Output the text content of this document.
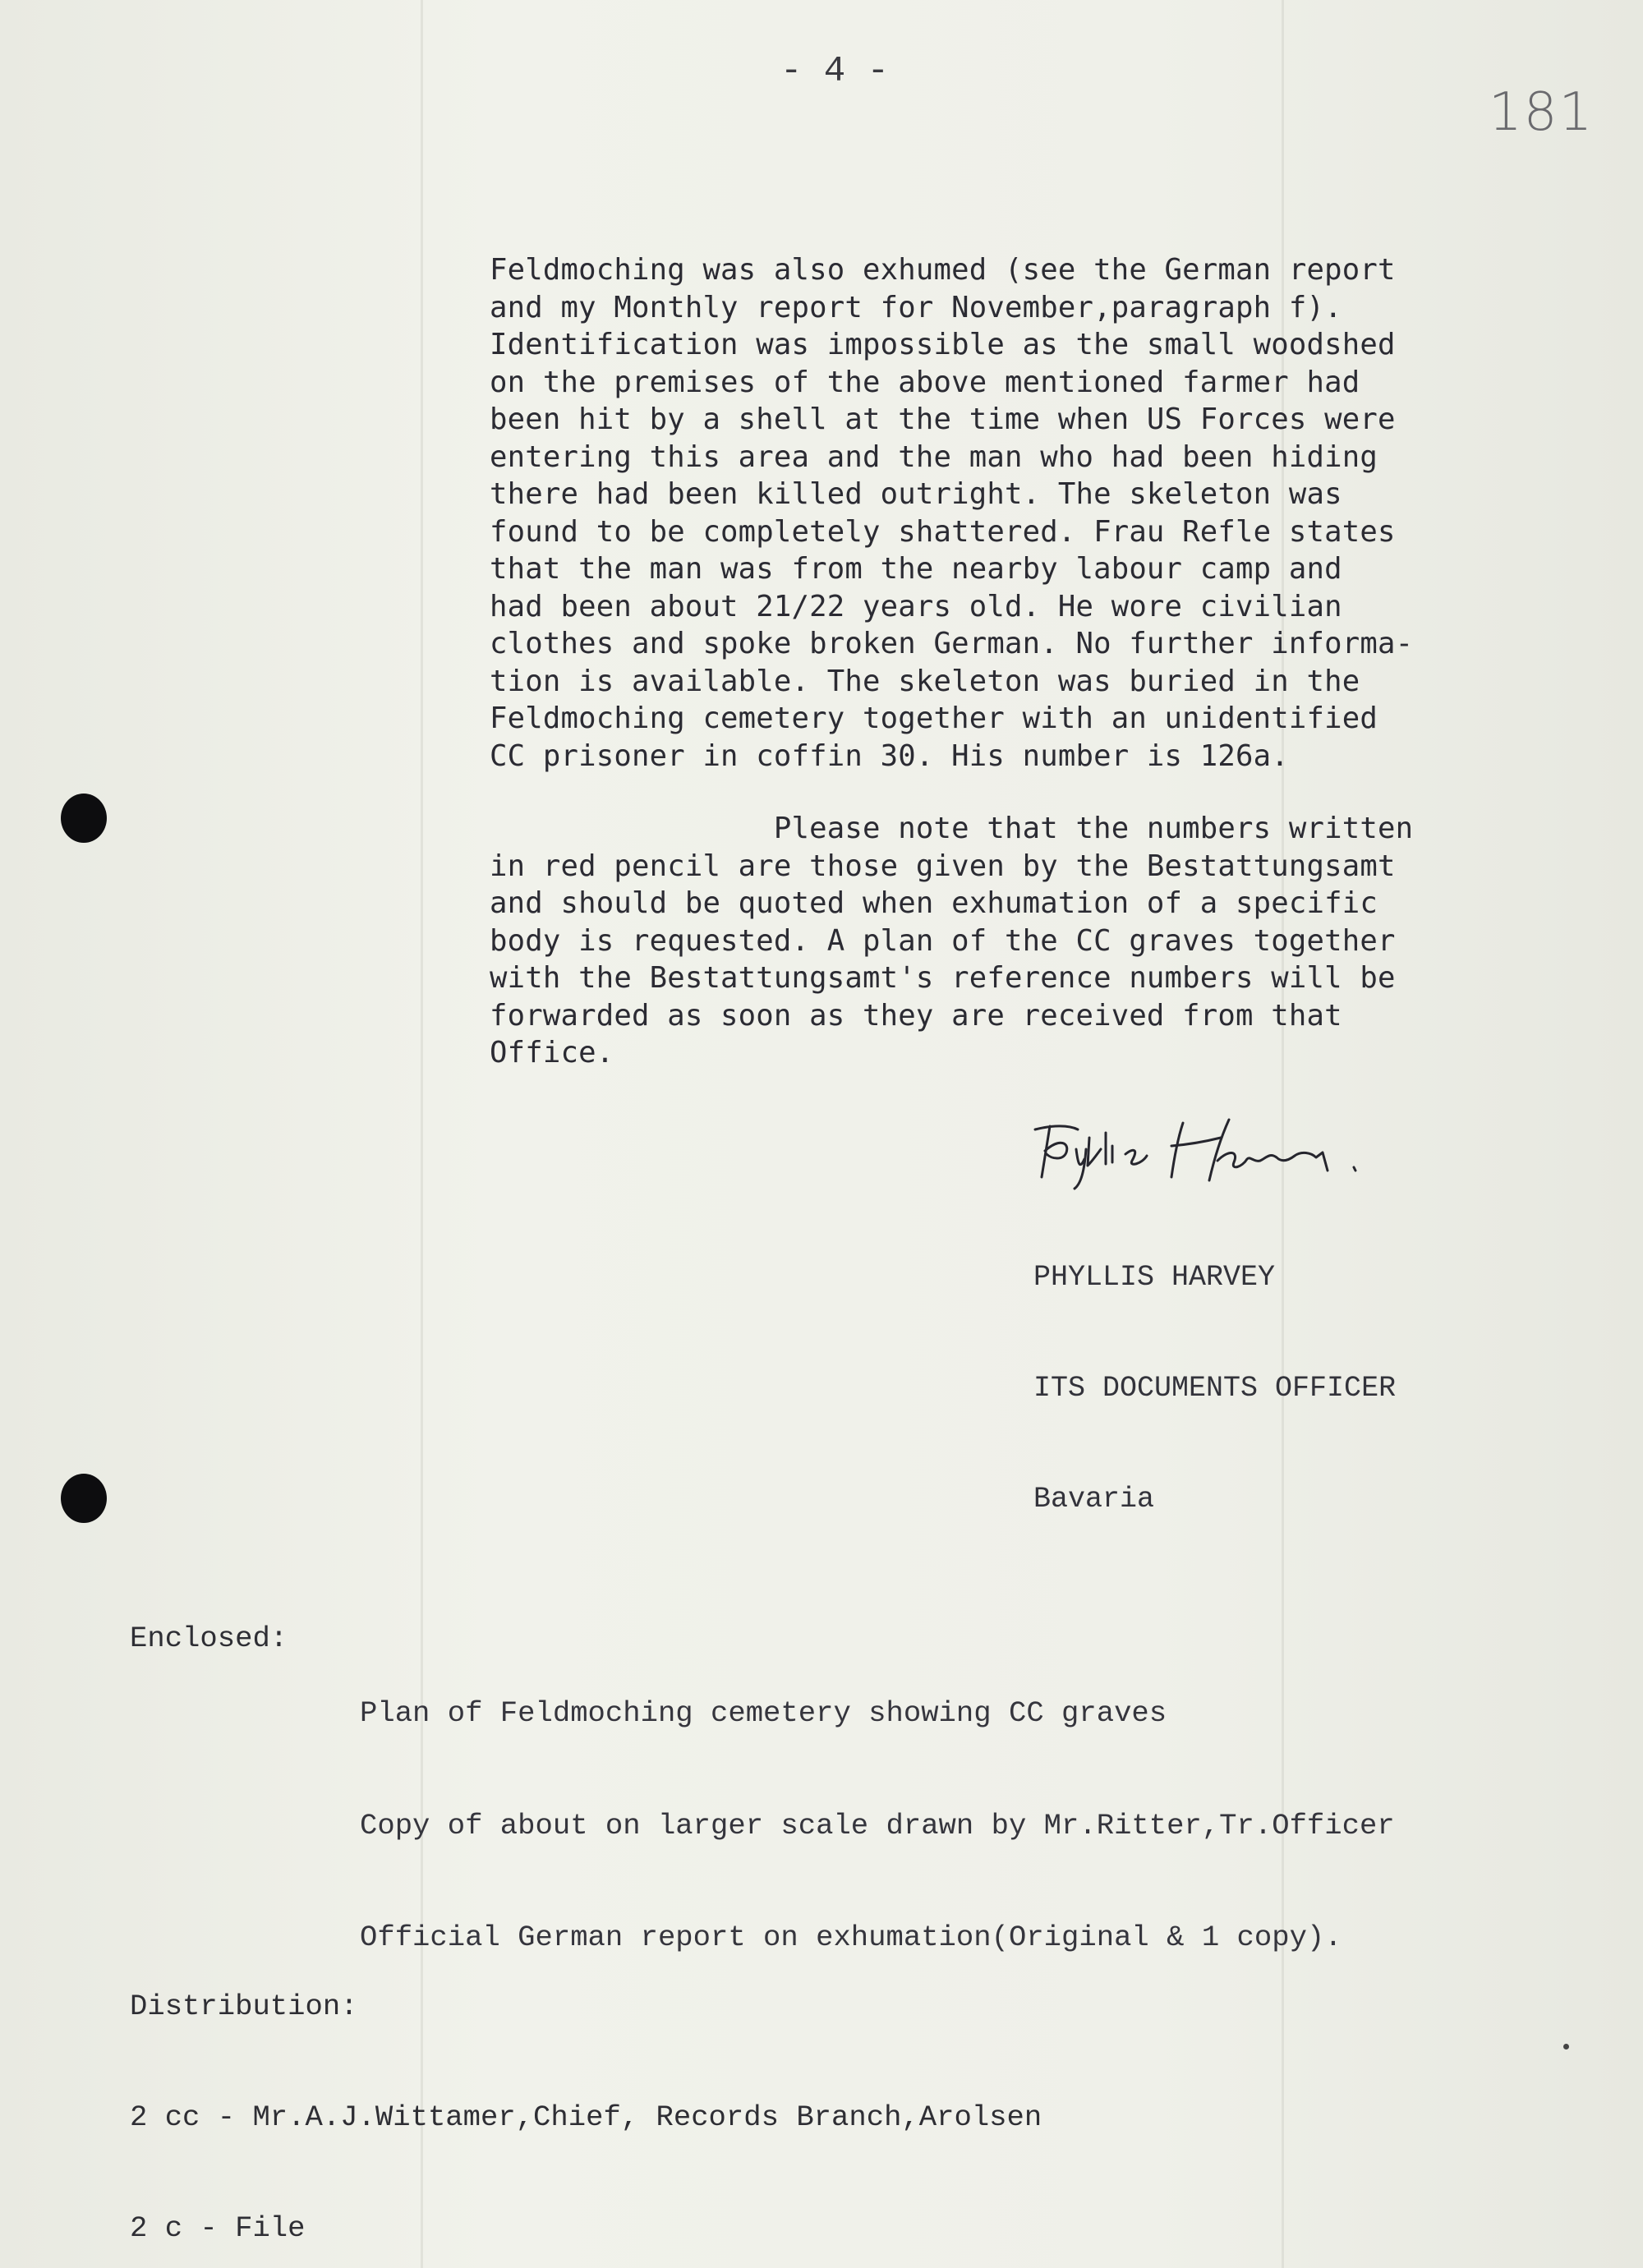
- 4 -
181
Feldmoching was also exhumed (see the German report
and my Monthly report for November,paragraph f).
Identification was impossible as the small woodshed
on the premises of the above mentioned farmer had
been hit by a shell at the time when US Forces were
entering this area and the man who had been hiding
there had been killed outright. The skeleton was
found to be completely shattered. Frau Refle states
that the man was from the nearby labour camp and
had been about 21/22 years old. He wore civilian
clothes and spoke broken German. No further informa-
tion is available. The skeleton was buried in the
Feldmoching cemetery together with an unidentified
CC prisoner in coffin 30. His number is 126a.
Please note that the numbers written
in red pencil are those given by the Bestattungsamt
and should be quoted when exhumation of a specific
body is requested. A plan of the CC graves together
with the Bestattungsamt's reference numbers will be
forwarded as soon as they are received from that
Office.

PHYLLIS HARVEY

ITS DOCUMENTS OFFICER

Bavaria

Enclosed:

Plan of Feldmoching cemetery showing CC graves

Copy of about on larger scale drawn by Mr.Ritter,Tr.Officer

Official German report on exhumation(Original & 1 copy).

Distribution:

2 cc - Mr.A.J.Wittamer,Chief, Records Branch,Arolsen

2 c - File
